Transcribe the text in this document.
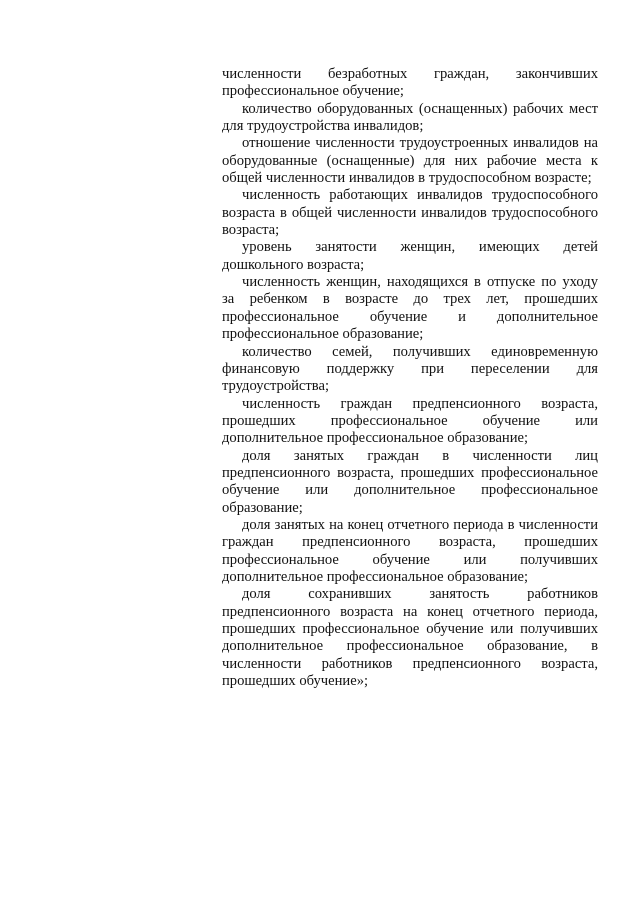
численности безработных граждан, закончивших профессиональное обучение;

количество оборудованных (оснащенных) рабочих мест для трудоустройства инвалидов;

отношение численности трудоустроенных инвалидов на оборудованные (оснащенные) для них рабочие места к общей численности инвалидов в трудоспособном возрасте;

численность работающих инвалидов трудоспособного возраста в общей численности инвалидов трудоспособного возраста;

уровень занятости женщин, имеющих детей дошкольного возраста;

численность женщин, находящихся в отпуске по уходу за ребенком в возрасте до трех лет, прошедших профессиональное обучение и дополнительное профессиональное образование;

количество семей, получивших единовременную финансовую поддержку при переселении для трудоустройства;

численность граждан предпенсионного возраста, прошедших профессиональное обучение или дополнительное профессиональное образование;

доля занятых граждан в численности лиц предпенсионного возраста, прошедших профессиональное обучение или дополнительное профессиональное образование;

доля занятых на конец отчетного периода в численности граждан предпенсионного возраста, прошедших профессиональное обучение или получивших дополнительное профессиональное образование;

доля сохранивших занятость работников предпенсионного возраста на конец отчетного периода, прошедших профессиональное обучение или получивших дополнительное профессиональное образование, в численности работников предпенсионного возраста, прошедших обучение»;
